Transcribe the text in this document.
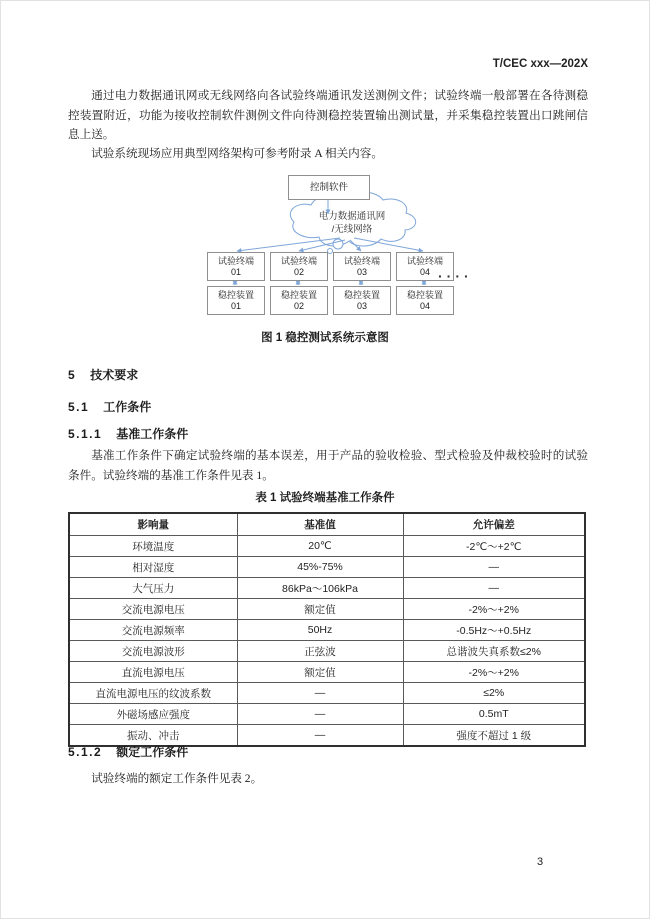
T/CEC xxx—202X

通过电力数据通讯网或无线网络向各试验终端通讯发送测例文件；试验终端一般部署在各待测稳控装置附近，功能为接收控制软件测例文件向待测稳控装置输出测试量，并采集稳控装置出口跳闸信息上送。

试验系统现场应用典型网络架构可参考附录 A 相关内容。

电力数据通讯网
/无线网络
控制软件
试验终端
01
试验终端
02
试验终端
03
试验终端
04
稳控装置
01
稳控装置
02
稳控装置
03
稳控装置
04
····
图 1 稳控测试系统示意图
5 技术要求
5.1 工作条件
5.1.1 基准工作条件

基准工作条件下确定试验终端的基本误差，用于产品的验收检验、型式检验及仲裁校验时的试验条件。试验终端的基准工作条件见表 1。

表 1 试验终端基准工作条件
影响量	基准值	允许偏差
环境温度	20℃	-2℃～+2℃
相对湿度	45%-75%	—
大气压力	86kPa～106kPa	—
交流电源电压	额定值	-2%～+2%
交流电源频率	50Hz	-0.5Hz～+0.5Hz
交流电源波形	正弦波	总谐波失真系数≤2%
直流电源电压	额定值	-2%～+2%
直流电源电压的纹波系数	—	≤2%
外磁场感应强度	—	0.5mT
振动、冲击	—	强度不超过 1 级
5.1.2 额定工作条件

试验终端的额定工作条件见表 2。

3
